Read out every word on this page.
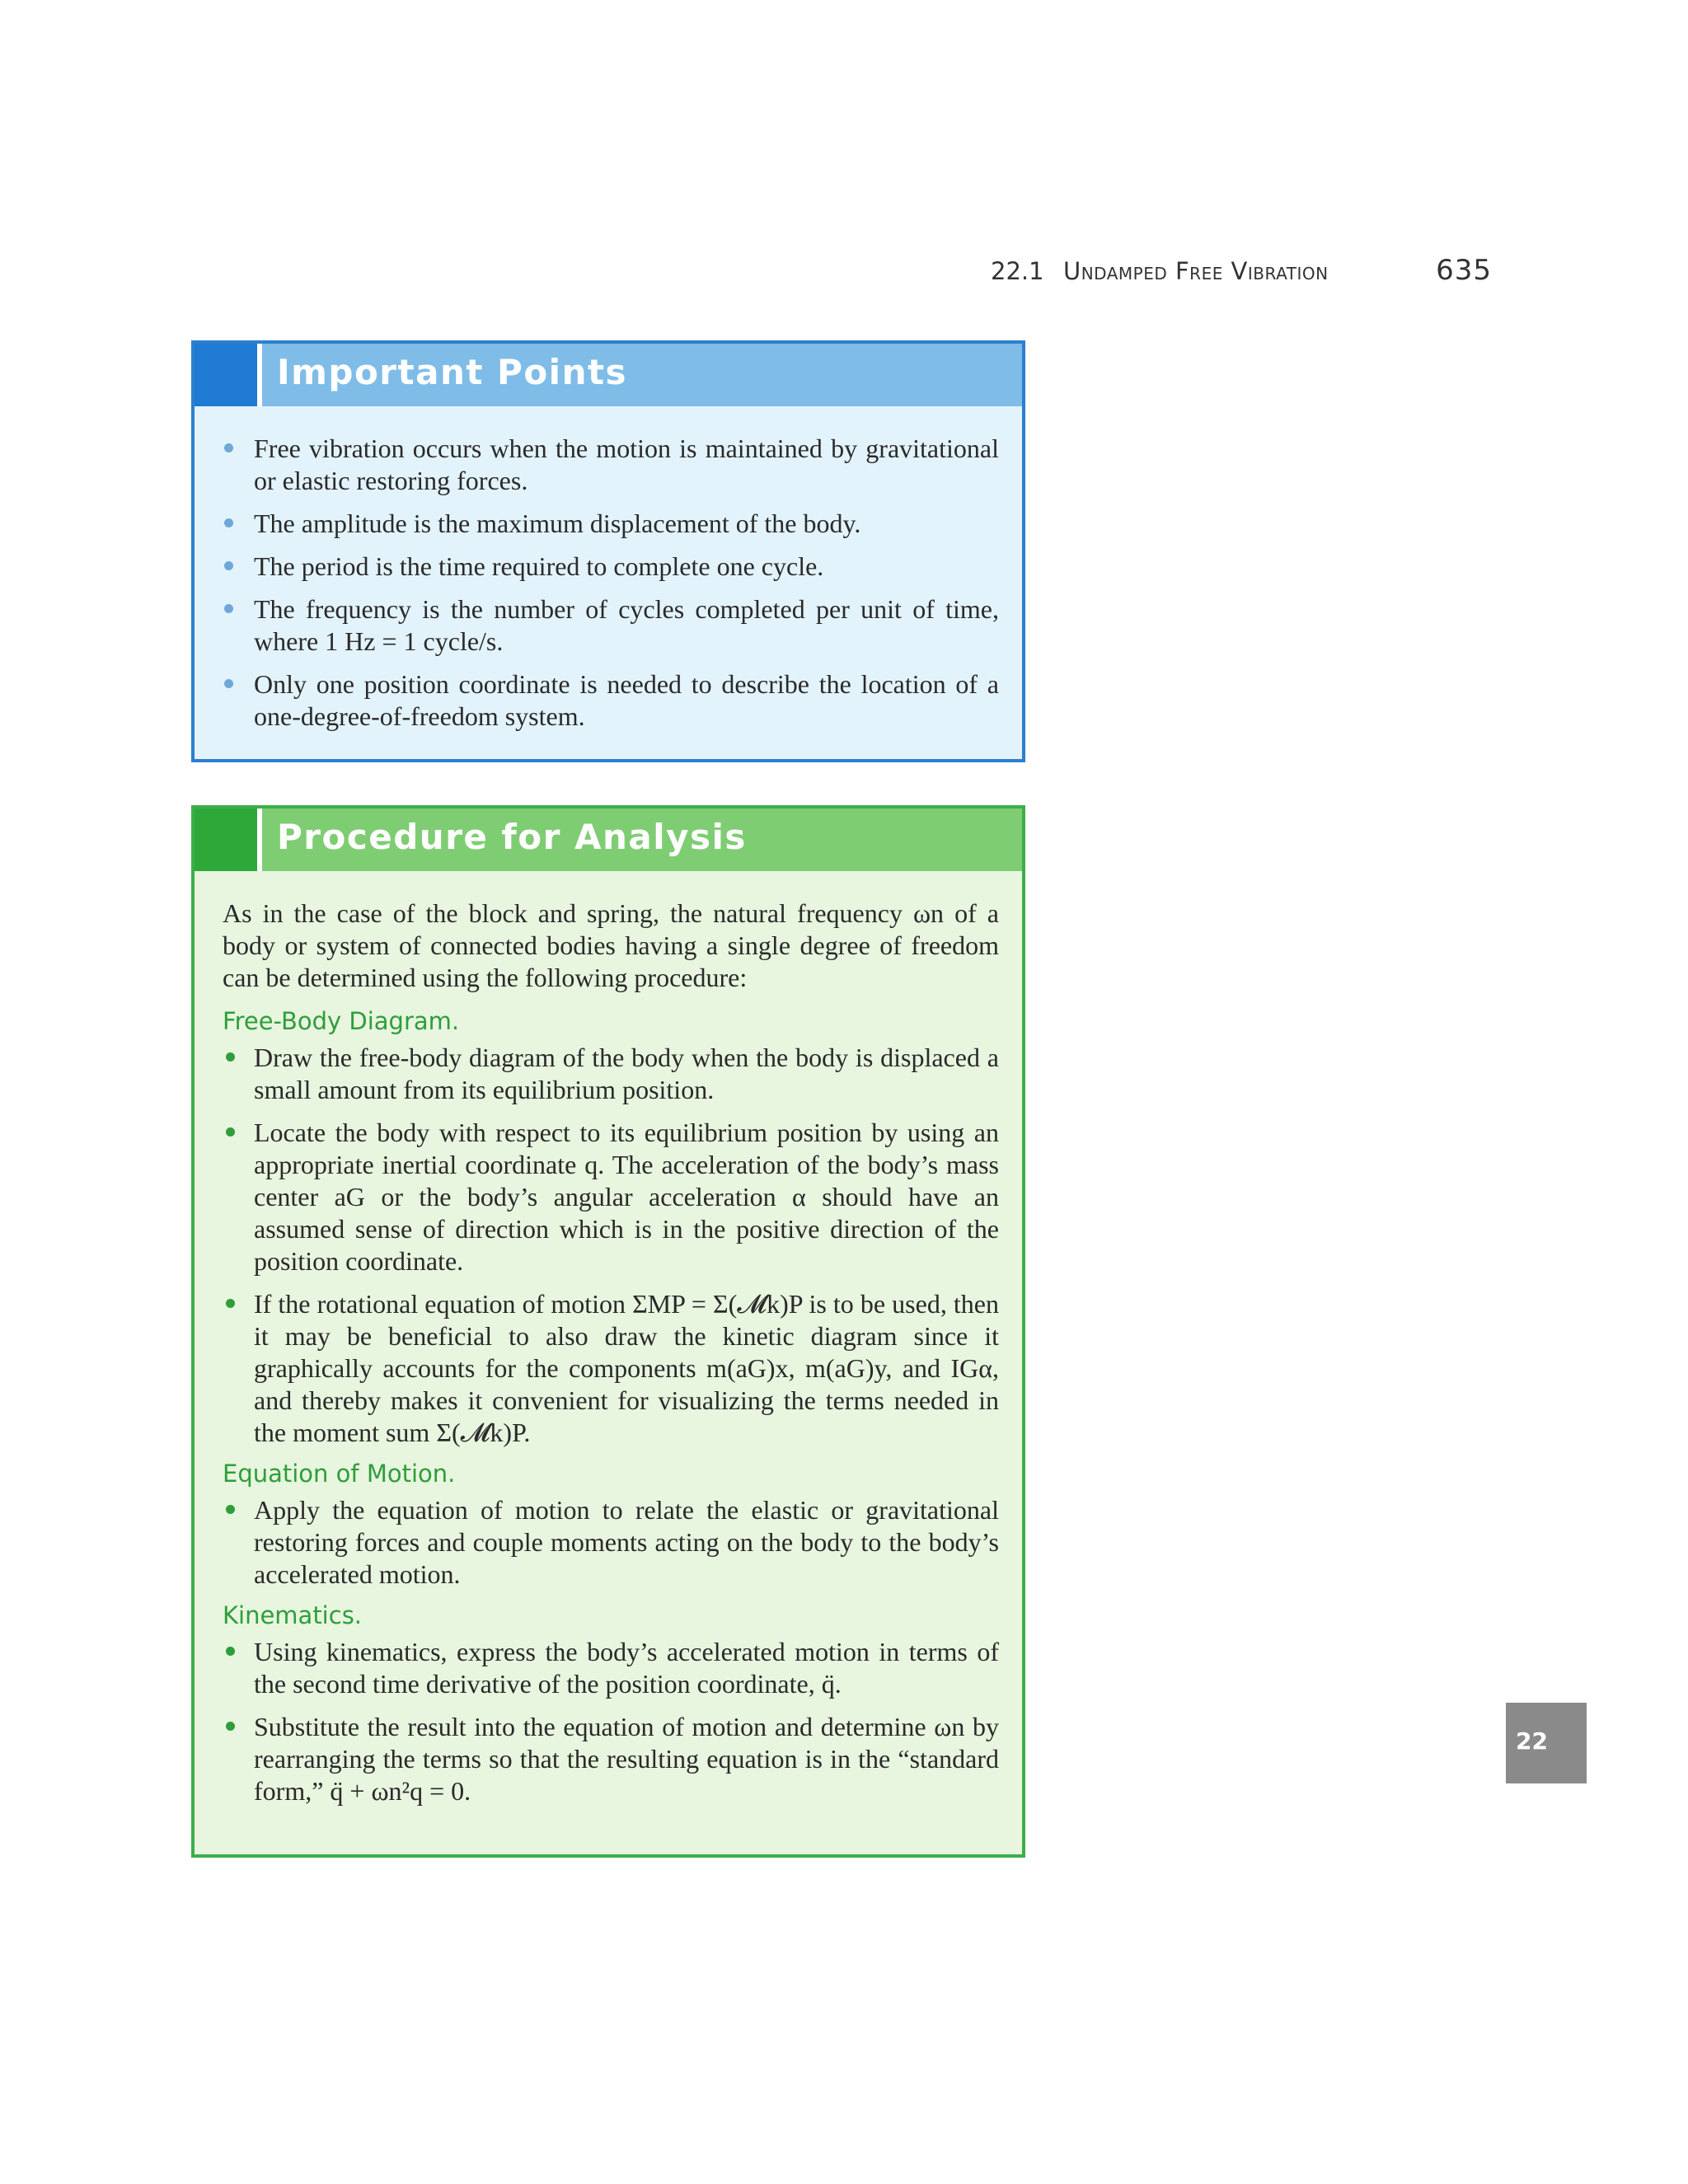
22.1 Undamped Free Vibration	635
Important Points
Free vibration occurs when the motion is maintained by gravitational or elastic restoring forces.
The amplitude is the maximum displacement of the body.
The period is the time required to complete one cycle.
The frequency is the number of cycles completed per unit of time, where 1 Hz = 1 cycle/s.
Only one position coordinate is needed to describe the location of a one-degree-of-freedom system.
Procedure for Analysis

As in the case of the block and spring, the natural frequency ωn of a body or system of connected bodies having a single degree of freedom can be determined using the following procedure:

Free-Body Diagram.
Draw the free-body diagram of the body when the body is displaced a small amount from its equilibrium position.
Locate the body with respect to its equilibrium position by using an appropriate inertial coordinate q. The acceleration of the body’s mass center aG or the body’s angular acceleration α should have an assumed sense of direction which is in the positive direction of the position coordinate.
If the rotational equation of motion ΣMP = Σ(𝓜k)P is to be used, then it may be beneficial to also draw the kinetic diagram since it graphically accounts for the components m(aG)x, m(aG)y, and IGα, and thereby makes it convenient for visualizing the terms needed in the moment sum Σ(𝓜k)P.
Equation of Motion.
Apply the equation of motion to relate the elastic or gravitational restoring forces and couple moments acting on the body to the body’s accelerated motion.
Kinematics.
Using kinematics, express the body’s accelerated motion in terms of the second time derivative of the position coordinate, q̈.
Substitute the result into the equation of motion and determine ωn by rearranging the terms so that the resulting equation is in the “standard form,” q̈ + ωn²q = 0.
22
